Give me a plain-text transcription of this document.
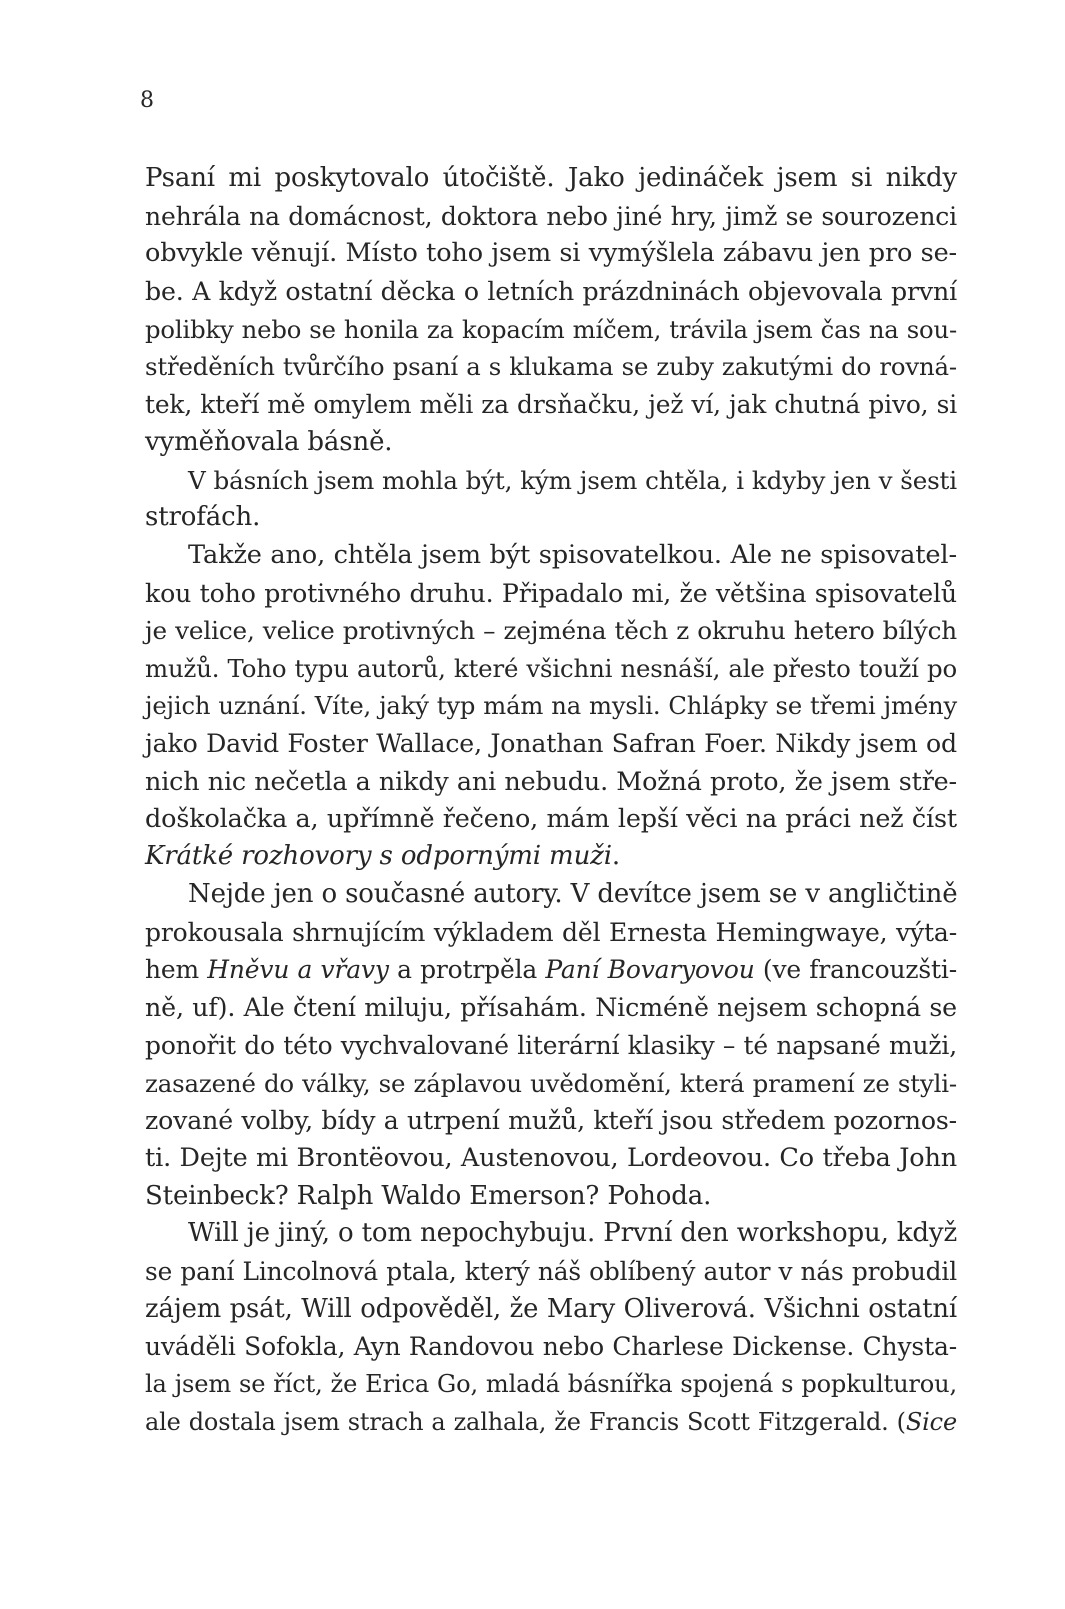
8
Psaní mi poskytovalo útočiště. Jako jedináček jsem si nikdy
nehrála na domácnost, doktora nebo jiné hry, jimž se sourozenci
obvykle věnují. Místo toho jsem si vymýšlela zábavu jen pro se-
be. A když ostatní děcka o letních prázdninách objevovala první
polibky nebo se honila za kopacím míčem, trávila jsem čas na sou-
středěních tvůrčího psaní a s klukama se zuby zakutými do rovná-
tek, kteří mě omylem měli za drsňačku, jež ví, jak chutná pivo, si
vyměňovala básně.
V básních jsem mohla být, kým jsem chtěla, i kdyby jen v šesti
strofách.
Takže ano, chtěla jsem být spisovatelkou. Ale ne spisovatel-
kou toho protivného druhu. Připadalo mi, že většina spisovatelů
je velice, velice protivných – zejména těch z okruhu hetero bílých
mužů. Toho typu autorů, které všichni nesnáší, ale přesto touží po
jejich uznání. Víte, jaký typ mám na mysli. Chlápky se třemi jmény
jako David Foster Wallace, Jonathan Safran Foer. Nikdy jsem od
nich nic nečetla a nikdy ani nebudu. Možná proto, že jsem stře-
doškolačka a, upřímně řečeno, mám lepší věci na práci než číst
Krátké rozhovory s odpornými muži.
Nejde jen o současné autory. V devítce jsem se v angličtině
prokousala shrnujícím výkladem děl Ernesta Hemingwaye, výta-
hem Hněvu a vřavy a protrpěla Paní Bovaryovou (ve francouzšti-
ně, uf). Ale čtení miluju, přísahám. Nicméně nejsem schopná se
ponořit do této vychvalované literární klasiky – té napsané muži,
zasazené do války, se záplavou uvědomění, která pramení ze styli-
zované volby, bídy a utrpení mužů, kteří jsou středem pozornos-
ti. Dejte mi Brontëovou, Austenovou, Lordeovou. Co třeba John
Steinbeck? Ralph Waldo Emerson? Pohoda.
Will je jiný, o tom nepochybuju. První den workshopu, když
se paní Lincolnová ptala, který náš oblíbený autor v nás probudil
zájem psát, Will odpověděl, že Mary Oliverová. Všichni ostatní
uváděli Sofokla, Ayn Randovou nebo Charlese Dickense. Chysta-
la jsem se říct, že Erica Go, mladá básnířka spojená s popkulturou,
ale dostala jsem strach a zalhala, že Francis Scott Fitzgerald. (Sice
